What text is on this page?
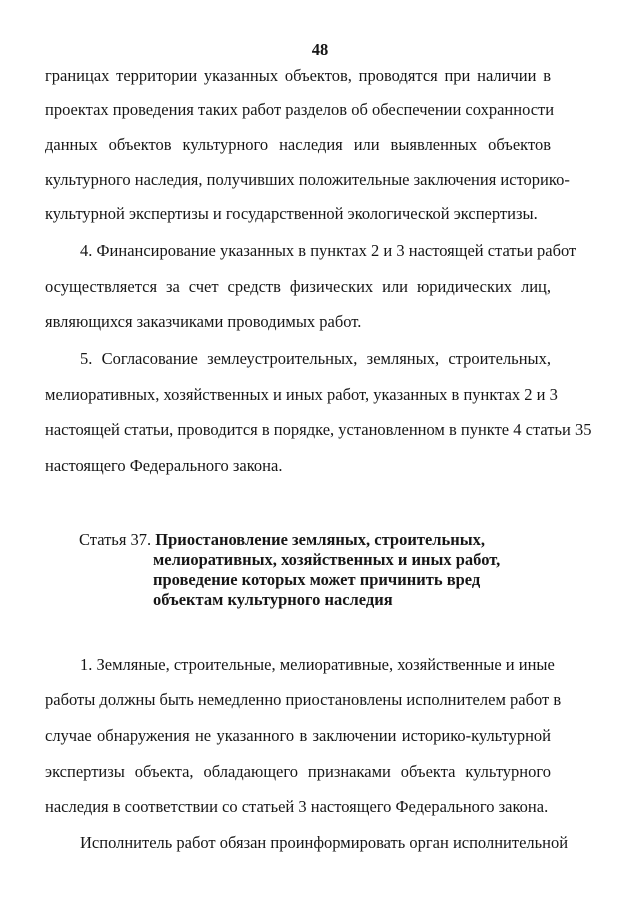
48
границах территории указанных объектов, проводятся при наличии в
проектах проведения таких работ разделов об обеспечении сохранности
данных объектов культурного наследия или выявленных объектов
культурного наследия, получивших положительные заключения историко-
культурной экспертизы и государственной экологической экспертизы.
4. Финансирование указанных в пунктах 2 и 3 настоящей статьи работ
осуществляется за счет средств физических или юридических лиц,
являющихся заказчиками проводимых работ.
5. Согласование землеустроительных, земляных, строительных,
мелиоративных, хозяйственных и иных работ, указанных в пунктах 2 и 3
настоящей статьи, проводится в порядке, установленном в пункте 4 статьи 35
настоящего Федерального закона.
Статья 37. Приостановление земляных, строительных,
мелиоративных, хозяйственных и иных работ,
проведение которых может причинить вред
объектам культурного наследия
1. Земляные, строительные, мелиоративные, хозяйственные и иные
работы должны быть немедленно приостановлены исполнителем работ в
случае обнаружения не указанного в заключении историко-культурной
экспертизы объекта, обладающего признаками объекта культурного
наследия в соответствии со статьей 3 настоящего Федерального закона.
Исполнитель работ обязан проинформировать орган исполнительной
